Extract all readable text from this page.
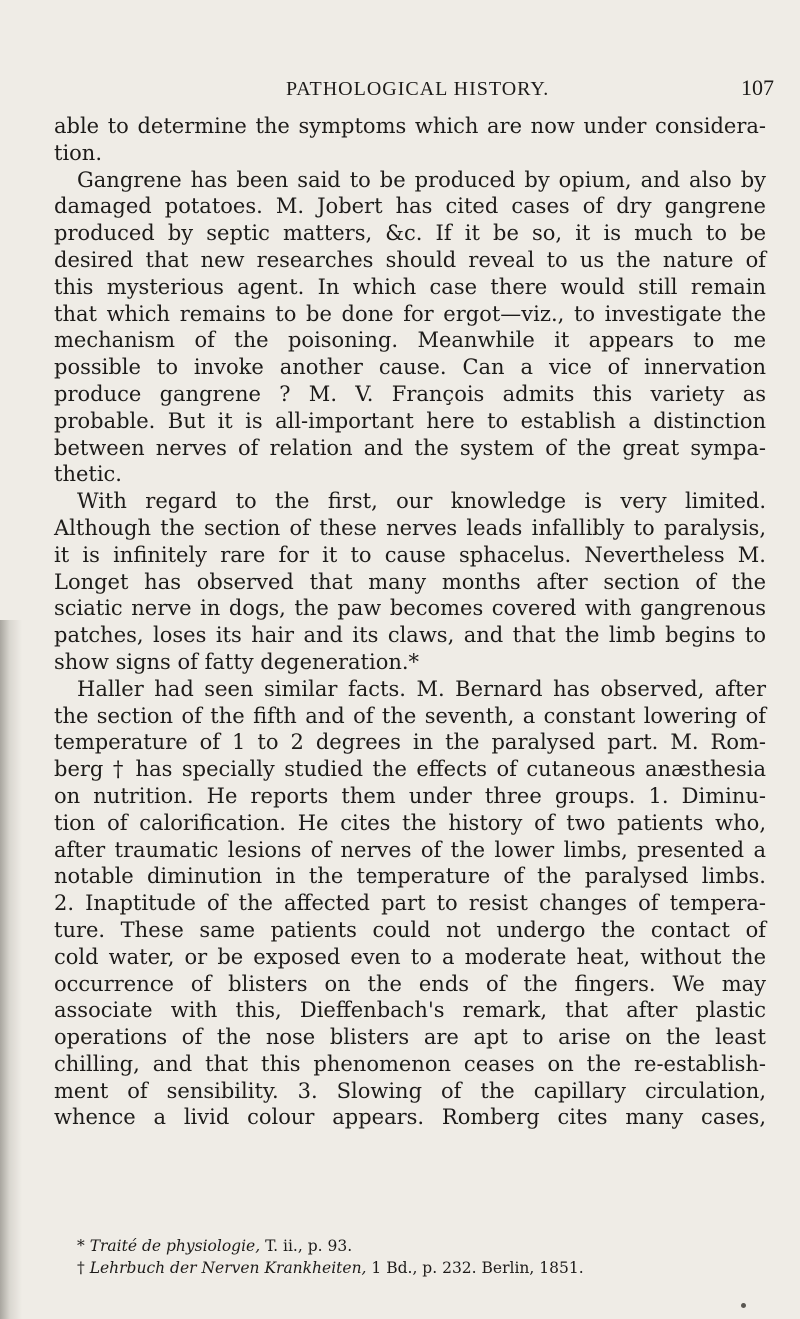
PATHOLOGICAL HISTORY.	107
able to determine the symptoms which are now under considera-
tion.
Gangrene has been said to be produced by opium, and also by
damaged potatoes. M. Jobert has cited cases of dry gangrene
produced by septic matters, &c. If it be so, it is much to be
desired that new researches should reveal to us the nature of
this mysterious agent. In which case there would still remain
that which remains to be done for ergot—viz., to investigate the
mechanism of the poisoning. Meanwhile it appears to me
possible to invoke another cause. Can a vice of innervation
produce gangrene ? M. V. François admits this variety as
probable. But it is all-important here to establish a distinction
between nerves of relation and the system of the great sympa-
thetic.
With regard to the first, our knowledge is very limited.
Although the section of these nerves leads infallibly to paralysis,
it is infinitely rare for it to cause sphacelus. Nevertheless M.
Longet has observed that many months after section of the
sciatic nerve in dogs, the paw becomes covered with gangrenous
patches, loses its hair and its claws, and that the limb begins to
show signs of fatty degeneration.*
Haller had seen similar facts. M. Bernard has observed, after
the section of the fifth and of the seventh, a constant lowering of
temperature of 1 to 2 degrees in the paralysed part. M. Rom-
berg † has specially studied the effects of cutaneous anæsthesia
on nutrition. He reports them under three groups. 1. Diminu-
tion of calorification. He cites the history of two patients who,
after traumatic lesions of nerves of the lower limbs, presented a
notable diminution in the temperature of the paralysed limbs.
2. Inaptitude of the affected part to resist changes of tempera-
ture. These same patients could not undergo the contact of
cold water, or be exposed even to a moderate heat, without the
occurrence of blisters on the ends of the fingers. We may
associate with this, Dieffenbach's remark, that after plastic
operations of the nose blisters are apt to arise on the least
chilling, and that this phenomenon ceases on the re-establish-
ment of sensibility. 3. Slowing of the capillary circulation,
whence a livid colour appears. Romberg cites many cases,
* Traité de physiologie, T. ii., p. 93.
† Lehrbuch der Nerven Krankheiten, 1 Bd., p. 232. Berlin, 1851.
